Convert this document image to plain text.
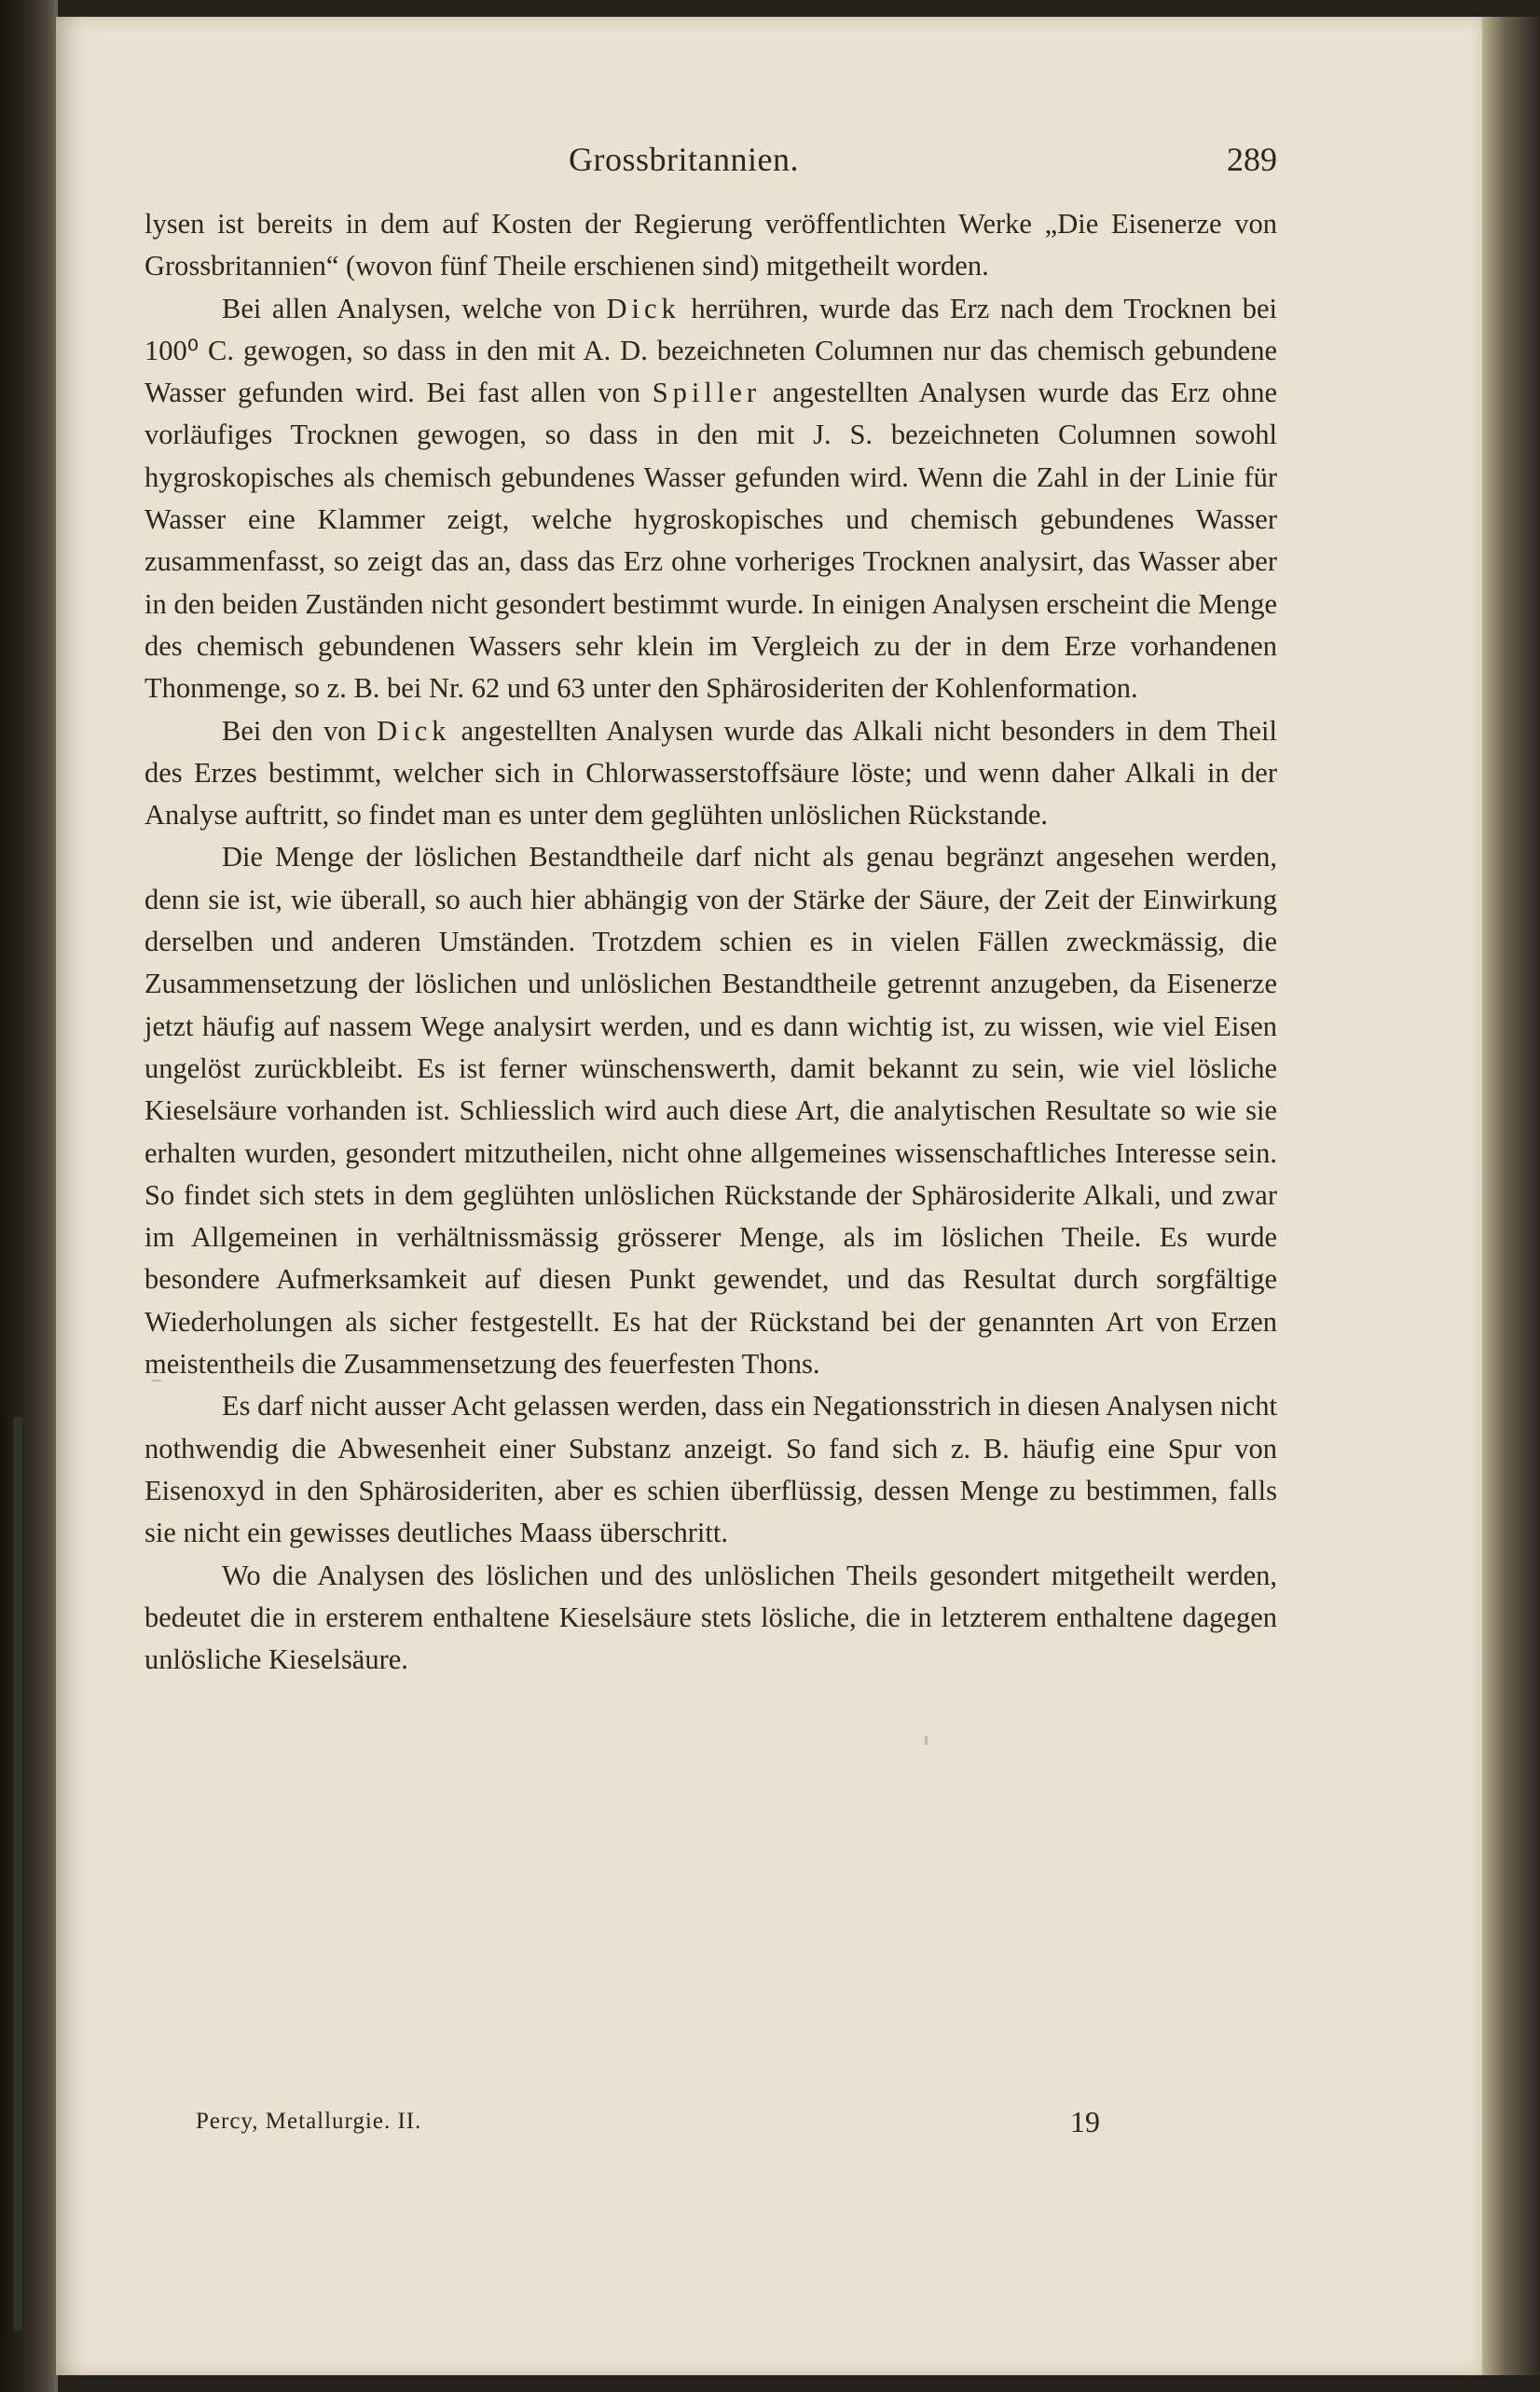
Grossbritannien.	289

lysen ist bereits in dem auf Kosten der Regierung veröffentlichten Werke „Die Eisenerze von Grossbritannien“ (wovon fünf Theile erschienen sind) mitgetheilt worden.

Bei allen Analysen, welche von Dick herrühren, wurde das Erz nach dem Trocknen bei 100⁰ C. gewogen, so dass in den mit A. D. bezeichneten Columnen nur das chemisch gebundene Wasser gefunden wird. Bei fast allen von Spiller angestellten Analysen wurde das Erz ohne vorläufiges Trocknen gewogen, so dass in den mit J. S. bezeichneten Columnen sowohl hygroskopisches als chemisch gebundenes Wasser gefunden wird. Wenn die Zahl in der Linie für Wasser eine Klammer zeigt, welche hygroskopisches und chemisch gebundenes Wasser zusammenfasst, so zeigt das an, dass das Erz ohne vorheriges Trocknen analysirt, das Wasser aber in den beiden Zuständen nicht gesondert bestimmt wurde. In einigen Analysen erscheint die Menge des chemisch gebundenen Wassers sehr klein im Vergleich zu der in dem Erze vorhandenen Thonmenge, so z. B. bei Nr. 62 und 63 unter den Sphärosideriten der Kohlenformation.

Bei den von Dick angestellten Analysen wurde das Alkali nicht besonders in dem Theil des Erzes bestimmt, welcher sich in Chlorwasserstoffsäure löste; und wenn daher Alkali in der Analyse auftritt, so findet man es unter dem geglühten unlöslichen Rückstande.

Die Menge der löslichen Bestandtheile darf nicht als genau begränzt angesehen werden, denn sie ist, wie überall, so auch hier abhängig von der Stärke der Säure, der Zeit der Einwirkung derselben und anderen Umständen. Trotzdem schien es in vielen Fällen zweckmässig, die Zusammensetzung der löslichen und unlöslichen Bestandtheile getrennt anzugeben, da Eisenerze jetzt häufig auf nassem Wege analysirt werden, und es dann wichtig ist, zu wissen, wie viel Eisen ungelöst zurückbleibt. Es ist ferner wünschenswerth, damit bekannt zu sein, wie viel lösliche Kieselsäure vorhanden ist. Schliesslich wird auch diese Art, die analytischen Resultate so wie sie erhalten wurden, gesondert mitzutheilen, nicht ohne allgemeines wissenschaftliches Interesse sein. So findet sich stets in dem geglühten unlöslichen Rückstande der Sphärosiderite Alkali, und zwar im Allgemeinen in verhältnissmässig grösserer Menge, als im löslichen Theile. Es wurde besondere Aufmerksamkeit auf diesen Punkt gewendet, und das Resultat durch sorgfältige Wiederholungen als sicher festgestellt. Es hat der Rückstand bei der genannten Art von Erzen meistentheils die Zusammensetzung des feuerfesten Thons.

Es darf nicht ausser Acht gelassen werden, dass ein Negationsstrich in diesen Analysen nicht nothwendig die Abwesenheit einer Substanz anzeigt. So fand sich z. B. häufig eine Spur von Eisenoxyd in den Sphärosideriten, aber es schien überflüssig, dessen Menge zu bestimmen, falls sie nicht ein gewisses deutliches Maass überschritt.

Wo die Analysen des löslichen und des unlöslichen Theils gesondert mitgetheilt werden, bedeutet die in ersterem enthaltene Kieselsäure stets lösliche, die in letzterem enthaltene dagegen unlösliche Kieselsäure.

Percy, Metallurgie. II.	19
